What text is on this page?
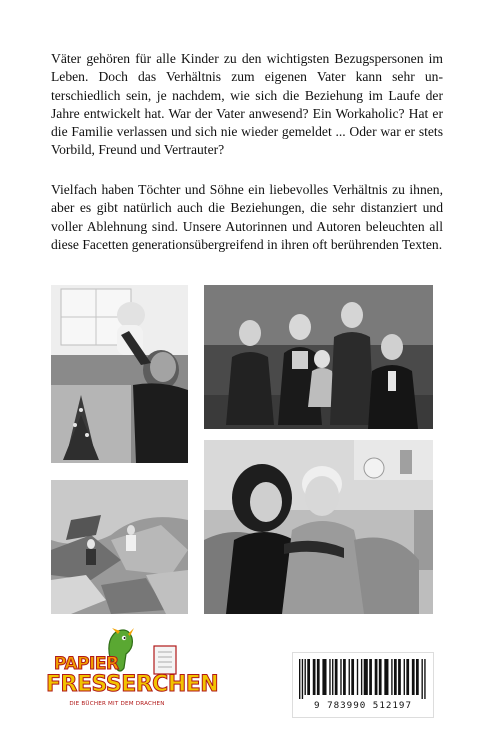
Väter gehören für alle Kinder zu den wichtigsten Bezugspersonen im Leben. Doch das Verhältnis zum eigenen Vater kann sehr unterschiedlich sein, je nachdem, wie sich die Beziehung im Laufe der Jahre entwickelt hat. War der Vater anwesend? Ein Workaholic? Hat er die Familie verlassen und sich nie wieder gemeldet ... Oder war er stets Vorbild, Freund und Vertrauter?

Vielfach haben Töchter und Söhne ein liebevolles Verhältnis zu ihnen, aber es gibt natürlich auch die Beziehungen, die sehr distanziert und voller Ablehnung sind. Unsere Autorinnen und Autoren beleuchten all diese Facetten generationsübergreifend in ihren oft berührenden Texten.

PAPIER
FRESSERCHEN
DIE BÜCHER MIT DEM DRACHEN	9 783990 512197
